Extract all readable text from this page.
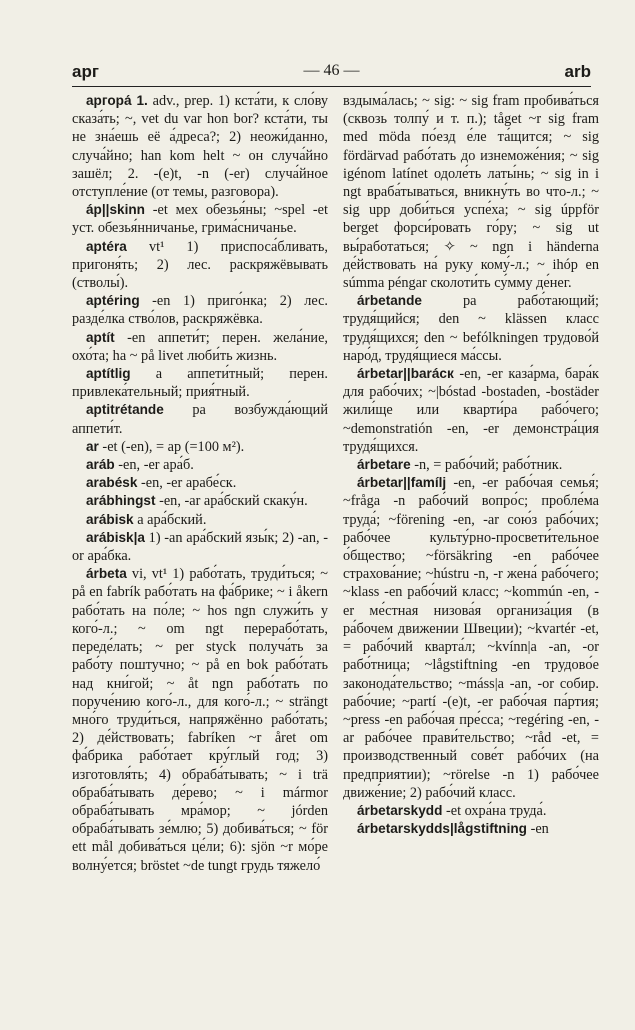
арг	— 46 —	arb

аргора́ 1. adv., prep. 1) кста́ти, к сло́ву сказа́ть; ~, vet du var hon bor? кста́ти, ты не зна́ешь её а́дреса?; 2) неожи́данно, случа́йно; han kom helt ~ он случа́йно зашёл; 2. -(e)t, -n (-er) случа́йное отступле́ние (от темы, разговора).

áp||skinn -et мех обезья́ны; ~spel -et уст. обезья́нничанье, грима́сничанье.

aptéra vt¹ 1) приспоса́бливать, пригоня́ть; 2) лес. раскряжёвывать (стволы́).

aptéring -en 1) приго́нка; 2) лес. разде́лка ство́лов, раскряжёвка.

aptít -en аппети́т; перен. жела́ние, охо́та; ha ~ på livet люби́ть жизнь.

aptítlig a аппети́тный; перен. привлека́тельный; прия́тный.

aptitrétande pa возбужда́ющий аппети́т.

ar -et (-en), = ap (=100 м²).

aráb -en, -er ара́б.

arabésk -en, -er арабе́ск.

arábhingst -en, -ar ара́бский скаку́н.

arábisk a ара́бский.

arábisk|a 1) -an ара́бский язы́к; 2) -an, -or ара́бка.

árbeta vi, vt¹ 1) рабо́тать, труди́ться; ~ på en fabrík рабо́тать на фа́брике; ~ i åkern рабо́тать на по́ле; ~ hos ngn служи́ть у кого́-л.; ~ om ngt перерабо́тать, переде́лать; ~ per styck получа́ть за рабо́ту поштучно; ~ på en bok рабо́тать над кни́гой; ~ åt ngn рабо́тать по поруче́нию кого́-л., для кого́-л.; ~ strängt мно́го труди́ться, напряжённо рабо́тать; 2) де́йствовать; fabríken ~r året om фа́брика рабо́тает кру́глый год; 3) изготовля́ть; 4) обраба́тывать; ~ i trä обраба́тывать де́рево; ~ i mármor обраба́тывать мра́мор; ~ jórden обраба́тывать зе́млю; 5) добива́ться; ~ för ett mål добива́ться це́ли; 6): sjön ~r мо́ре волну́ется; bröstet ~de tungt грудь тяжело́

вздыма́лась; ~ sig: ~ sig fram пробива́ться (сквозь толпу́ и т. п.); tåget ~r sig fram med möda по́езд е́ле та́щится; ~ sig fördärvad рабо́тать до изнеможе́ния; ~ sig igénom latínet одоле́ть латы́нь; ~ sig in i ngt враба́тываться, вникну́ть во что-л.; ~ sig upp доби́ться успе́ха; ~ sig úppför berget форси́ровать го́ру; ~ sig ut вы́работаться; ✧ ~ ngn i händerna де́йствовать на́ руку кому́-л.; ~ ihóp en súmma péngar сколоти́ть су́мму де́нег.

árbetande pa рабо́тающий; трудя́щийся; den ~ klässen класс трудя́щихся; den ~ befólkningen трудово́й наро́д, трудя́щиеся ма́ссы.

árbetar||barácк -en, -er каза́рма, бара́к для рабо́чих; ~|bóstad -bostaden, -bostäder жили́ще или кварти́ра рабо́чего; ~demonstratión -en, -er демонстра́ция трудя́щихся.

árbetare -n, = рабо́чий; рабо́тник.

árbetar||famílj -en, -er рабо́чая семья́; ~fråga -n рабо́чий вопро́с; пробле́ма труда́; ~förening -en, -ar сою́з рабо́чих; рабо́чее культу́рно-просвети́тельное о́бщество; ~försäkring -en рабо́чее страхова́ние; ~hústru -n, -r жена́ рабо́чего; ~klass -en рабо́чий класс; ~kommún -en, -er ме́стная низова́я организа́ция (в ра́бочем движении Швеции); ~kvartér -et, = рабо́чий кварта́л; ~kvínn|a -an, -or рабо́тница; ~lågstiftning -en трудово́е законода́тельство; ~máss|a -an, -or собир. рабо́чие; ~partí -(e)t, -er рабо́чая па́ртия; ~press -en рабо́чая пре́сса; ~regéring -en, -ar рабо́чее прави́тельство; ~råd -et, = производственный сове́т рабо́чих (на предприятии); ~rörelse -n 1) рабо́чее движе́ние; 2) рабо́чий класс.

árbetarskydd -et охра́на труда́.

árbetarskydds|lågstiftning -en
